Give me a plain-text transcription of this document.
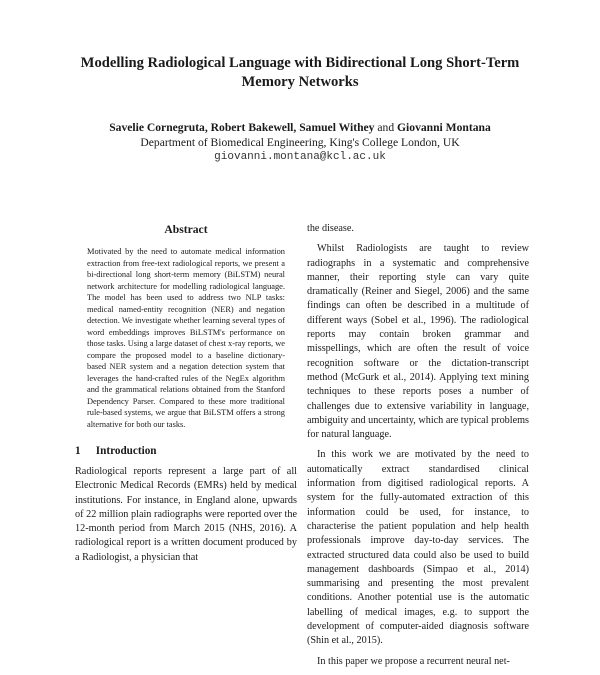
Modelling Radiological Language with Bidirectional Long Short-Term Memory Networks
Savelie Cornegruta, Robert Bakewell, Samuel Withey and Giovanni Montana
Department of Biomedical Engineering, King's College London, UK
giovanni.montana@kcl.ac.uk
Abstract

Motivated by the need to automate medical information extraction from free-text radiological reports, we present a bi-directional long short-term memory (BiLSTM) neural network architecture for modelling radiological language. The model has been used to address two NLP tasks: medical named-entity recognition (NER) and negation detection. We investigate whether learning several types of word embeddings improves BiLSTM's performance on those tasks. Using a large dataset of chest x-ray reports, we compare the proposed model to a baseline dictionary-based NER system and a negation detection system that leverages the hand-crafted rules of the NegEx algorithm and the grammatical relations obtained from the Stanford Dependency Parser. Compared to these more traditional rule-based systems, we argue that BiLSTM offers a strong alternative for both our tasks.

1 Introduction

Radiological reports represent a large part of all Electronic Medical Records (EMRs) held by medical institutions. For instance, in England alone, upwards of 22 million plain radiographs were reported over the 12-month period from March 2015 (NHS, 2016). A radiological report is a written document produced by a Radiologist, a physician that

the disease.

Whilst Radiologists are taught to review radiographs in a systematic and comprehensive manner, their reporting style can vary quite dramatically (Reiner and Siegel, 2006) and the same findings can often be described in a multitude of different ways (Sobel et al., 1996). The radiological reports may contain broken grammar and misspellings, which are often the result of voice recognition software or the dictation-transcript method (McGurk et al., 2014). Applying text mining techniques to these reports poses a number of challenges due to extensive variability in language, ambiguity and uncertainty, which are typical problems for natural language.

In this work we are motivated by the need to automatically extract standardised clinical information from digitised radiological reports. A system for the fully-automated extraction of this information could be used, for instance, to characterise the patient population and help health professionals improve day-to-day services. The extracted structured data could also be used to build management dashboards (Simpao et al., 2014) summarising and presenting the most prevalent conditions. Another potential use is the automatic labelling of medical images, e.g. to support the development of computer-aided diagnosis software (Shin et al., 2015).

In this paper we propose a recurrent neural net-
